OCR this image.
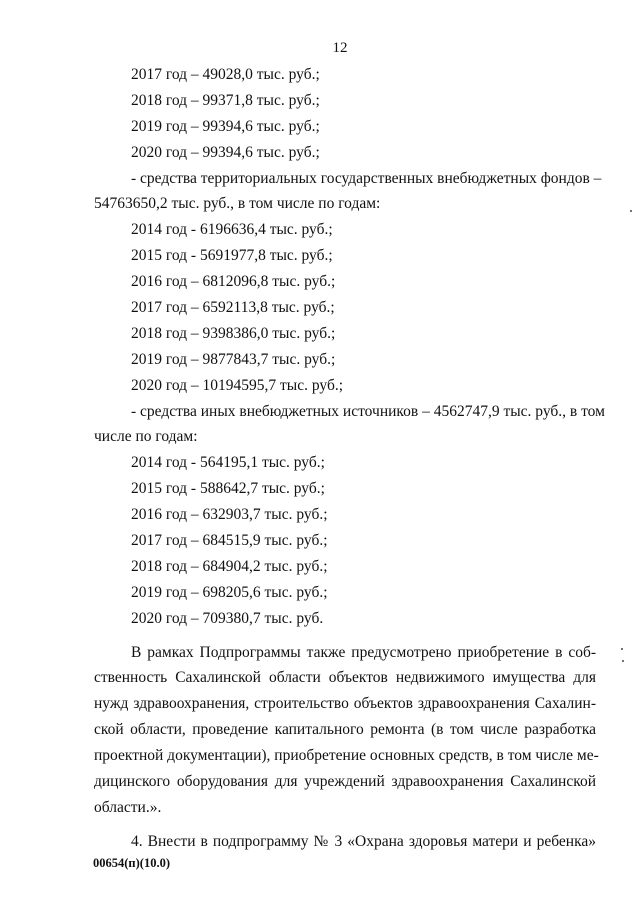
12
2017 год – 49028,0 тыс. руб.;
2018 год – 99371,8 тыс. руб.;
2019 год – 99394,6 тыс. руб.;
2020 год – 99394,6 тыс. руб.;
- средства территориальных государственных внебюджетных фондов –
54763650,2 тыс. руб., в том числе по годам:
2014 год - 6196636,4 тыс. руб.;
2015 год - 5691977,8 тыс. руб.;
2016 год – 6812096,8 тыс. руб.;
2017 год – 6592113,8 тыс. руб.;
2018 год – 9398386,0 тыс. руб.;
2019 год – 9877843,7 тыс. руб.;
2020 год – 10194595,7 тыс. руб.;
- средства иных внебюджетных источников – 4562747,9 тыс. руб., в том
числе по годам:
2014 год - 564195,1 тыс. руб.;
2015 год - 588642,7 тыс. руб.;
2016 год – 632903,7 тыс. руб.;
2017 год – 684515,9 тыс. руб.;
2018 год – 684904,2 тыс. руб.;
2019 год – 698205,6 тыс. руб.;
2020 год – 709380,7 тыс. руб.
В рамках Подпрограммы также предусмотрено приобретение в соб-
ственность Сахалинской области объектов недвижимого имущества для
нужд здравоохранения, строительство объектов здравоохранения Сахалин-
ской области, проведение капитального ремонта (в том числе разработка
проектной документации), приобретение основных средств, в том числе ме-
дицинского оборудования для учреждений здравоохранения Сахалинской
области.».
4. Внести в подпрограмму № 3 «Охрана здоровья матери и ребенка»
00654(п)(10.0)
